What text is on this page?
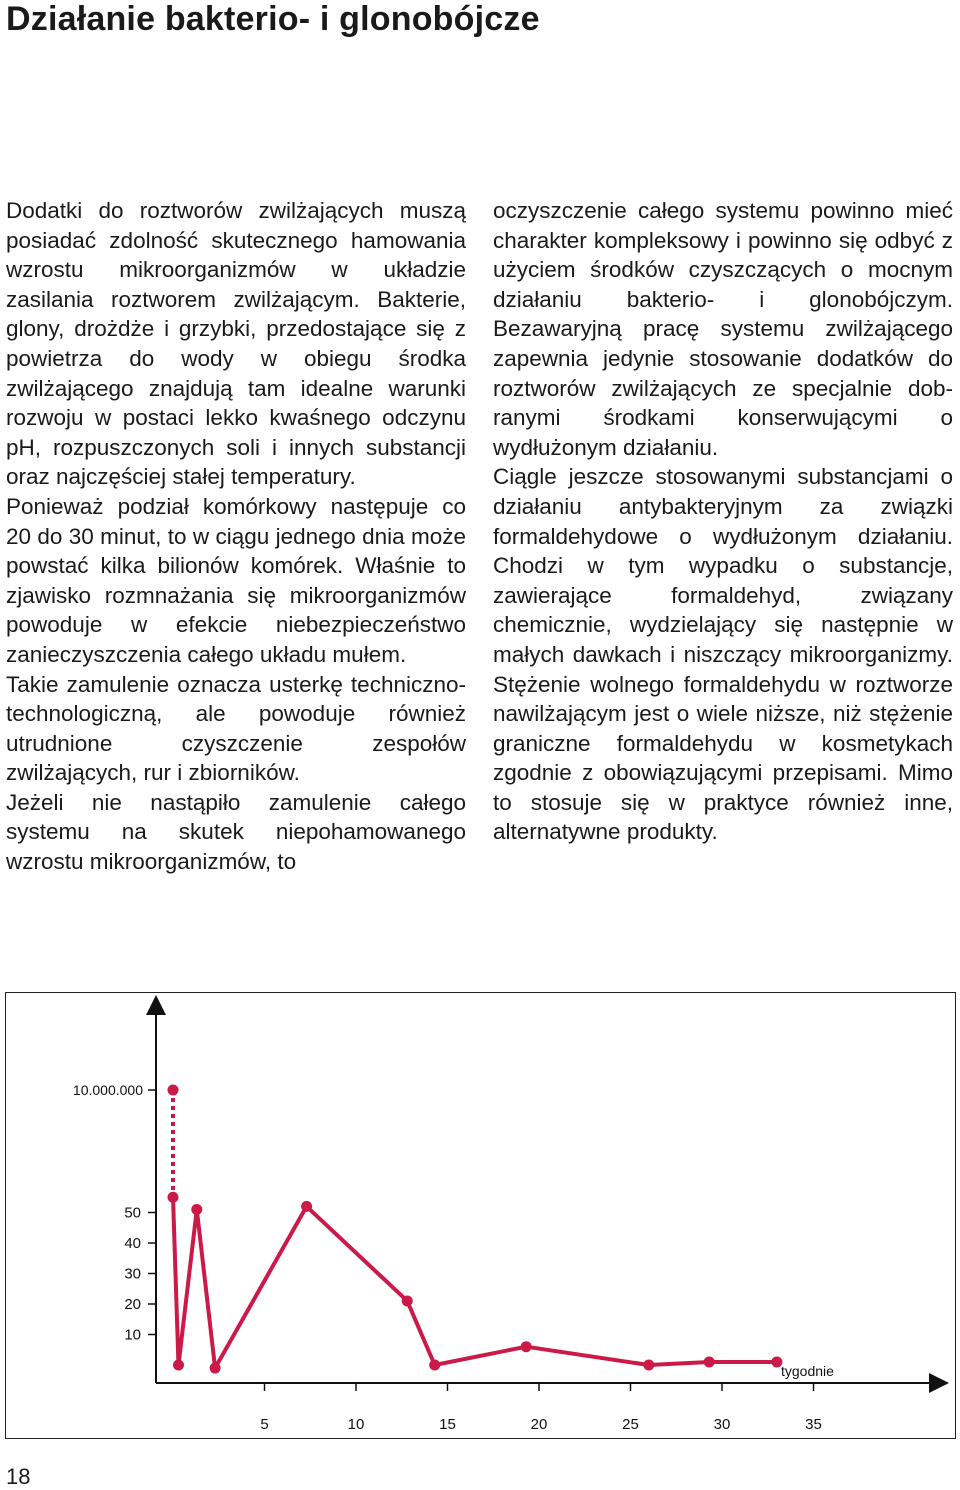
Działanie bakterio- i glonobójcze

Dodatki do roztworów zwilżających muszą posiadać zdolność skutecznego hamowania wzrostu mikroorganizmów w układzie zasilania roztworem zwilżającym. Bakterie, glony, drożdże i grzybki, przedostające się z powietrza do wody w obiegu środka zwilżającego znajdują tam idealne warunki rozwoju w postaci lekko kwaśnego odczynu pH, rozpuszczonych soli i innych substancji oraz najczęściej stałej temperatury.

Ponieważ podział komórkowy następuje co 20 do 30 minut, to w ciągu jednego dnia może powstać kilka bilionów komórek. Właśnie to zjawisko rozmnażania się mikroorganizmów powoduje w efekcie niebezpieczeństwo zanieczyszczenia całego układu mułem.

Takie zamulenie oznacza usterkę techniczno-technologiczną, ale powoduje również utrudnione czyszczenie zespołów zwilżających, rur i zbiorników.

Jeżeli nie nastąpiło zamulenie całego systemu na skutek niepohamowanego wzrostu mikroorganizmów, to

oczyszczenie całego systemu powinno mieć charakter kompleksowy i powinno się odbyć z użyciem środków czyszczących o mocnym działaniu bakterio- i glonobójczym. Bezawaryjną pracę systemu zwilżającego zapewnia jedynie stosowanie dodatków do roztworów zwilżających ze specjalnie dobranymi środkami konserwującymi o wydłużonym działaniu.

Ciągle jeszcze stosowanymi substancjami o działaniu antybakteryjnym za związki formaldehydowe o wydłużonym działaniu. Chodzi w tym wypadku o substancje, zawierające formaldehyd, związany chemicznie, wydzielający się następnie w małych dawkach i niszczący mikroorganizmy. Stężenie wolnego formaldehydu w roztworze nawilżającym jest o wiele niższe, niż stężenie graniczne formaldehydu w kosmetykach zgodnie z obowiązującymi przepisami. Mimo to stosuje się w praktyce również inne, alternatywne produkty.

10.000.000
tygodnie
5	10	15	20	25	30	35
10
20
30
40
50
18
